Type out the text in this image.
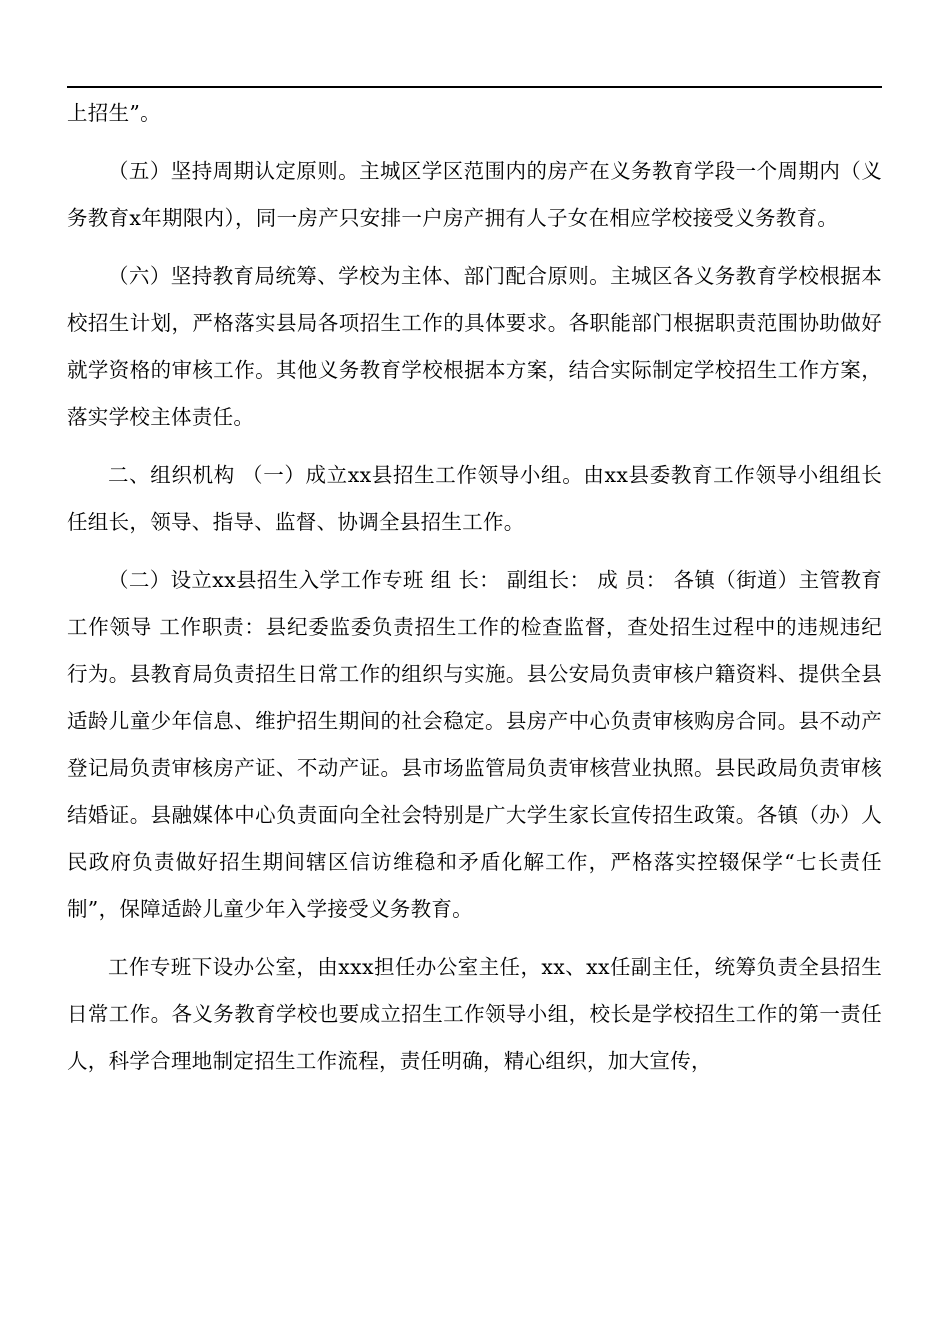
上招生”。

（五）坚持周期认定原则。主城区学区范围内的房产在义务教育学段一个周期内（义务教育x年期限内），同一房产只安排一户房产拥有人子女在相应学校接受义务教育。

（六）坚持教育局统筹、学校为主体、部门配合原则。主城区各义务教育学校根据本校招生计划，严格落实县局各项招生工作的具体要求。各职能部门根据职责范围协助做好就学资格的审核工作。其他义务教育学校根据本方案，结合实际制定学校招生工作方案，落实学校主体责任。

二、组织机构 （一）成立xx县招生工作领导小组。由xx县委教育工作领导小组组长任组长，领导、指导、监督、协调全县招生工作。

（二）设立xx县招生入学工作专班 组 长： 副组长： 成 员： 各镇（街道）主管教育工作领导 工作职责：县纪委监委负责招生工作的检查监督，查处招生过程中的违规违纪行为。县教育局负责招生日常工作的组织与实施。县公安局负责审核户籍资料、提供全县适龄儿童少年信息、维护招生期间的社会稳定。县房产中心负责审核购房合同。县不动产登记局负责审核房产证、不动产证。县市场监管局负责审核营业执照。县民政局负责审核结婚证。县融媒体中心负责面向全社会特别是广大学生家长宣传招生政策。各镇（办）人民政府负责做好招生期间辖区信访维稳和矛盾化解工作，严格落实控辍保学“七长责任制”，保障适龄儿童少年入学接受义务教育。

工作专班下设办公室，由xxx担任办公室主任，xx、xx任副主任，统筹负责全县招生日常工作。各义务教育学校也要成立招生工作领导小组，校长是学校招生工作的第一责任人，科学合理地制定招生工作流程，责任明确，精心组织，加大宣传，
